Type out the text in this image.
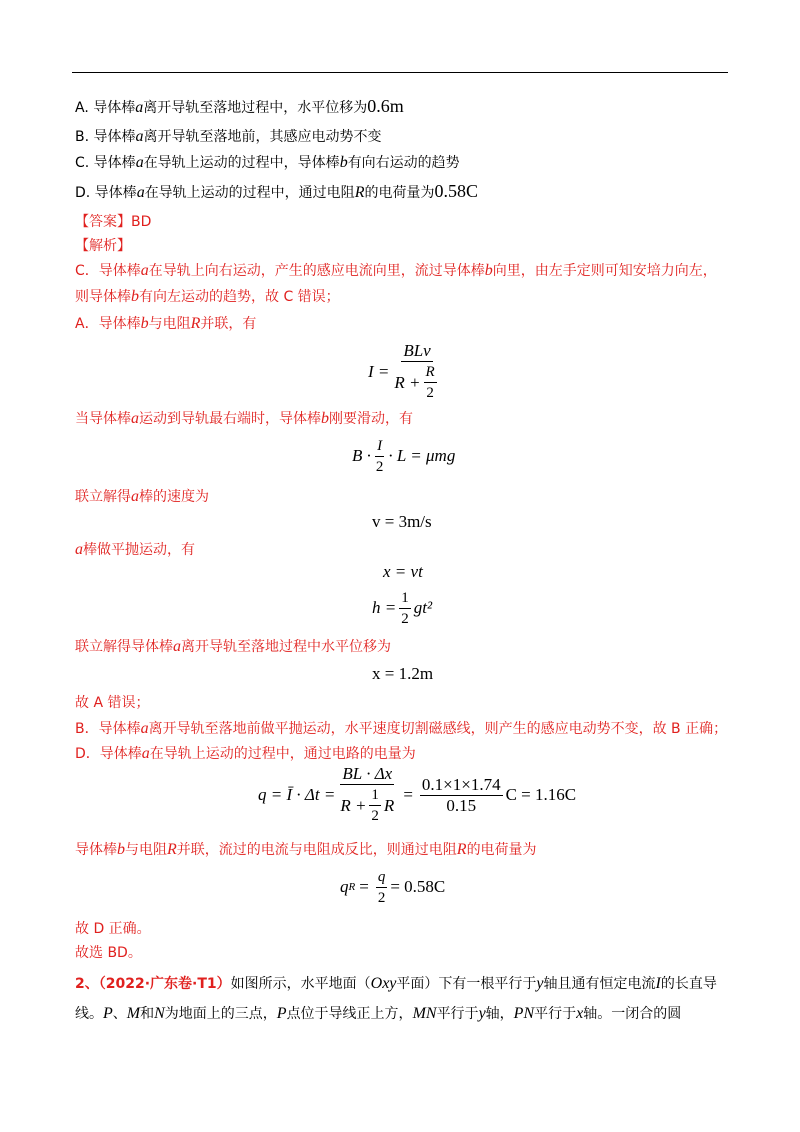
A. 导体棒a离开导轨至落地过程中，水平位移为0.6m
B. 导体棒a离开导轨至落地前，其感应电动势不变
C. 导体棒a在导轨上运动的过程中，导体棒b有向右运动的趋势
D. 导体棒a在导轨上运动的过程中，通过电阻R的电荷量为0.58C
【答案】BD
【解析】
C．导体棒a在导轨上向右运动，产生的感应电流向里，流过导体棒b向里，由左手定则可知安培力向左，
则导体棒b有向左运动的趋势，故 C 错误；
A．导体棒b与电阻R并联，有
$I = \frac{\text{BLv}}{R + \frac{R}{2}}$
当导体棒a运动到导轨最右端时，导体棒b刚要滑动，有
$B \cdot \frac{I}{2} \cdot L = \mu mg$
联立解得a棒的速度为
v = 3m/s
a棒做平抛运动，有
x = vt
$h = \frac{1}{2} gt^2$
联立解得导体棒a离开导轨至落地过程中水平位移为
x = 1.2m
故 A 错误；
B．导体棒a离开导轨至落地前做平抛运动，水平速度切割磁感线，则产生的感应电动势不变，故 B 正确；
D．导体棒a在导轨上运动的过程中，通过电路的电量为
q = Ī · $\Delta t = \frac{BL \cdot \Delta x}{R + \frac{1}{2} R} = \frac{0.1\times 1\times 1.74}{0.15}$ C = 1.16C
导体棒b与电阻R并联，流过的电流与电阻成反比，则通过电阻R的电荷量为
q $R = \frac{q}{2} = 0.58C$
故 D 正确。
故选 BD。
2、（2022·广东卷·T1）如图所示，水平地面（Oxy平面）下有一根平行于y轴且通有恒定电流I的长直导
线。P、M和N为地面上的三点，P点位于导线正上方，MN平行于y轴，PN平行于x轴。一闭合的圆
